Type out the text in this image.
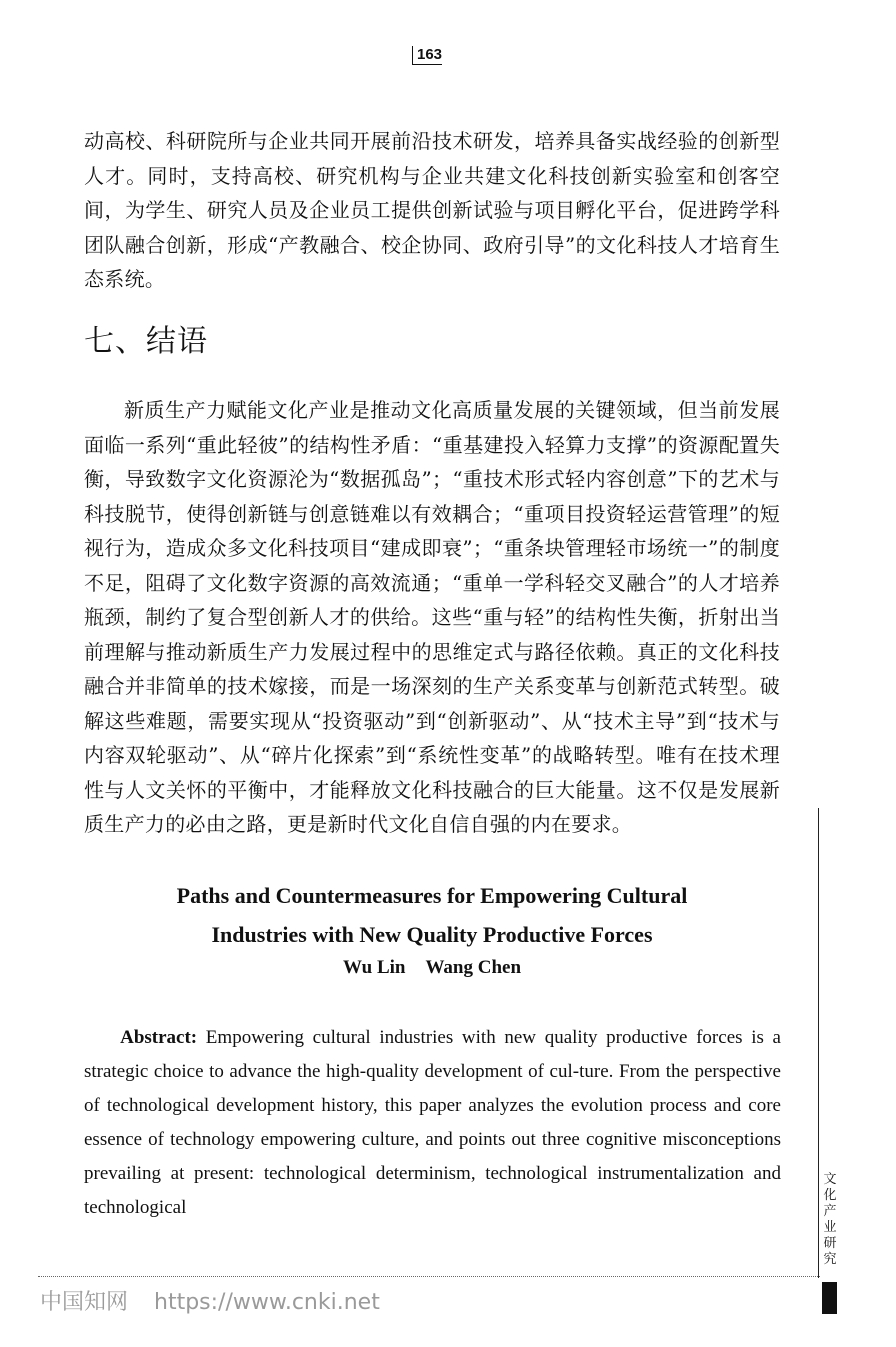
163

动高校、科研院所与企业共同开展前沿技术研发，培养具备实战经验的创新型人才。同时，支持高校、研究机构与企业共建文化科技创新实验室和创客空间，为学生、研究人员及企业员工提供创新试验与项目孵化平台，促进跨学科团队融合创新，形成“产教融合、校企协同、政府引导”的文化科技人才培育生态系统。

七、结语

新质生产力赋能文化产业是推动文化高质量发展的关键领域，但当前发展面临一系列“重此轻彼”的结构性矛盾：“重基建投入轻算力支撑”的资源配置失衡，导致数字文化资源沦为“数据孤岛”；“重技术形式轻内容创意”下的艺术与科技脱节，使得创新链与创意链难以有效耦合；“重项目投资轻运营管理”的短视行为，造成众多文化科技项目“建成即衰”；“重条块管理轻市场统一”的制度不足，阻碍了文化数字资源的高效流通；“重单一学科轻交叉融合”的人才培养瓶颈，制约了复合型创新人才的供给。这些“重与轻”的结构性失衡，折射出当前理解与推动新质生产力发展过程中的思维定式与路径依赖。真正的文化科技融合并非简单的技术嫁接，而是一场深刻的生产关系变革与创新范式转型。破解这些难题，需要实现从“投资驱动”到“创新驱动”、从“技术主导”到“技术与内容双轮驱动”、从“碎片化探索”到“系统性变革”的战略转型。唯有在技术理性与人文关怀的平衡中，才能释放文化科技融合的巨大能量。这不仅是发展新质生产力的必由之路，更是新时代文化自信自强的内在要求。

Paths and Countermeasures for Empowering Cultural
Industries with New Quality Productive Forces
Wu Lin Wang Chen

Abstract: Empowering cultural industries with new quality productive forces is a strategic choice to advance the high-quality development of cul-ture. From the perspective of technological development history, this paper analyzes the evolution process and core essence of technology empowering culture, and points out three cognitive misconceptions prevailing at present: technological determinism, technological instrumentalization and technological

文化产业研究
中国知网 https://www.cnki.net
